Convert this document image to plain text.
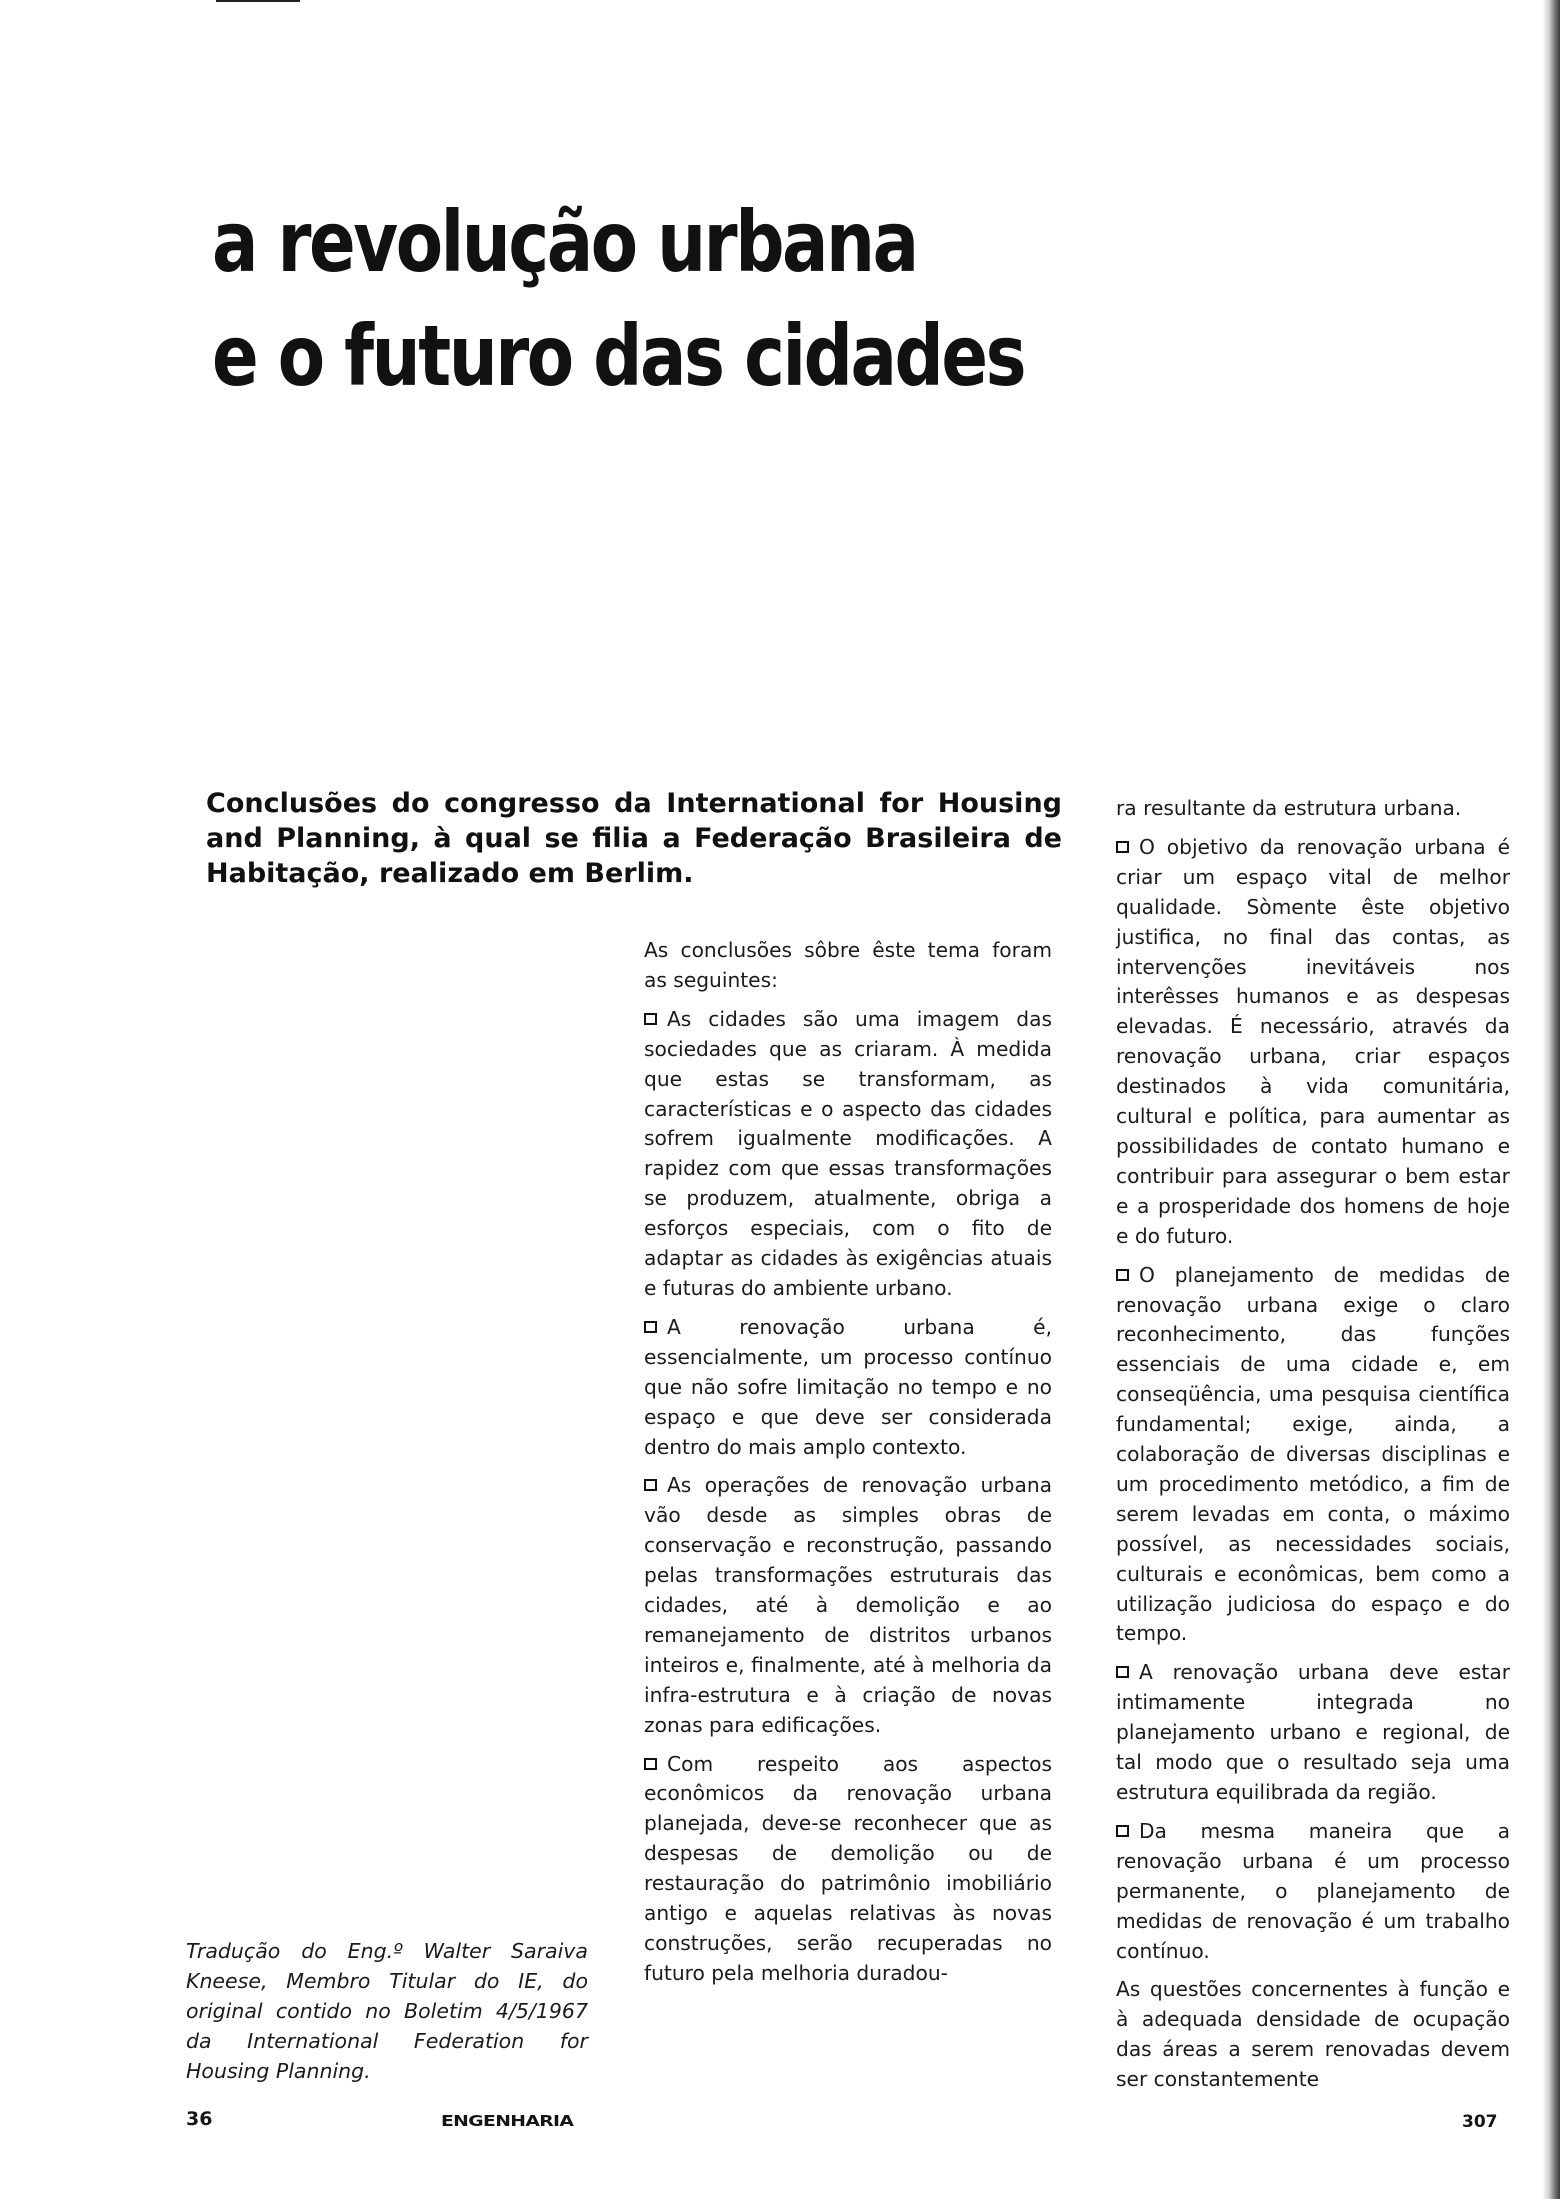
a revolução urbana
e o futuro das cidades

Conclusões do congresso da International for Housing and Planning, à qual se filia a Federação Brasileira de Habitação, realizado em Berlim.

As conclusões sôbre êste tema foram as seguintes:

As cidades são uma imagem das sociedades que as criaram. À medida que estas se transformam, as características e o aspecto das cidades sofrem igualmente modificações. A rapidez com que essas transformações se produzem, atualmente, obriga a esforços especiais, com o fito de adaptar as cidades às exigências atuais e futuras do ambiente urbano.

A renovação urbana é, essencialmente, um processo contínuo que não sofre limitação no tempo e no espaço e que deve ser considerada dentro do mais amplo contexto.

As operações de renovação urbana vão desde as simples obras de conservação e reconstrução, passando pelas transformações estruturais das cidades, até à demolição e ao remanejamento de distritos urbanos inteiros e, finalmente, até à melhoria da infra-estrutura e à criação de novas zonas para edificações.

Com respeito aos aspectos econômicos da renovação urbana planejada, deve-se reconhecer que as despesas de demolição ou de restauração do patrimônio imobiliário antigo e aquelas relativas às novas construções, serão recuperadas no futuro pela melhoria duradou-

ra resultante da estrutura urbana.

O objetivo da renovação urbana é criar um espaço vital de melhor qualidade. Sòmente êste objetivo justifica, no final das contas, as intervenções inevitáveis nos interêsses humanos e as despesas elevadas. É necessário, através da renovação urbana, criar espaços destinados à vida comunitária, cultural e política, para aumentar as possibilidades de contato humano e contribuir para assegurar o bem estar e a prosperidade dos homens de hoje e do futuro.

O planejamento de medidas de renovação urbana exige o claro reconhecimento, das funções essenciais de uma cidade e, em conseqüência, uma pesquisa científica fundamental; exige, ainda, a colaboração de diversas disciplinas e um procedimento metódico, a fim de serem levadas em conta, o máximo possível, as necessidades sociais, culturais e econômicas, bem como a utilização judiciosa do espaço e do tempo.

A renovação urbana deve estar intimamente integrada no planejamento urbano e regional, de tal modo que o resultado seja uma estrutura equilibrada da região.

Da mesma maneira que a renovação urbana é um processo permanente, o planejamento de medidas de renovação é um trabalho contínuo.

As questões concernentes à função e à adequada densidade de ocupação das áreas a serem renovadas devem ser constantemente

Tradução do Eng.º Walter Saraiva Kneese, Membro Titular do IE, do original contido no Boletim 4/5/1967 da International Federation for Housing Planning.

36	ENGENHARIA	307
